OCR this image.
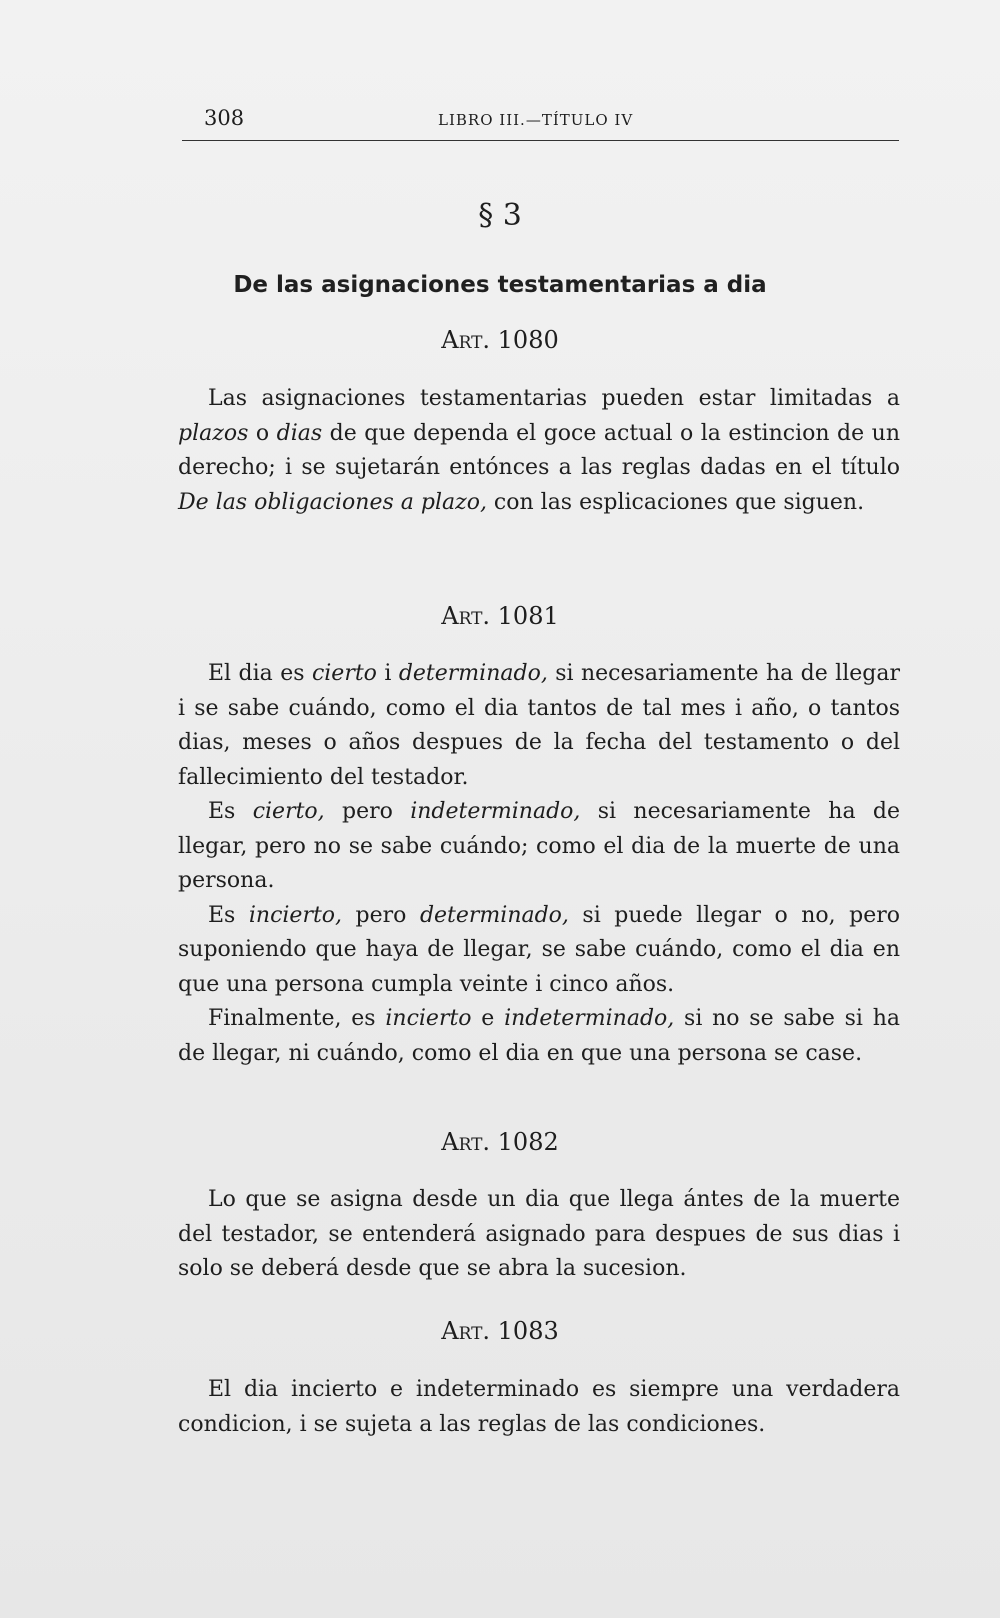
308	LIBRO III.—TÍTULO IV
§ 3
De las asignaciones testamentarias a dia
Art. 1080

Las asignaciones testamentarias pueden estar limitadas a plazos o dias de que dependa el goce actual o la estincion de un derecho; i se sujetarán entónces a las reglas dadas en el título De las obligaciones a plazo, con las esplicaciones que siguen.

Art. 1081

El dia es cierto i determinado, si necesariamente ha de llegar i se sabe cuándo, como el dia tantos de tal mes i año, o tantos dias, meses o años despues de la fecha del testamento o del fallecimiento del testador.

Es cierto, pero indeterminado, si necesariamente ha de llegar, pero no se sabe cuándo; como el dia de la muerte de una persona.

Es incierto, pero determinado, si puede llegar o no, pero suponiendo que haya de llegar, se sabe cuándo, como el dia en que una persona cumpla veinte i cinco años.

Finalmente, es incierto e indeterminado, si no se sabe si ha de llegar, ni cuándo, como el dia en que una persona se case.

Art. 1082

Lo que se asigna desde un dia que llega ántes de la muerte del testador, se entenderá asignado para despues de sus dias i solo se deberá desde que se abra la sucesion.

Art. 1083

El dia incierto e indeterminado es siempre una verdadera condicion, i se sujeta a las reglas de las condiciones.
